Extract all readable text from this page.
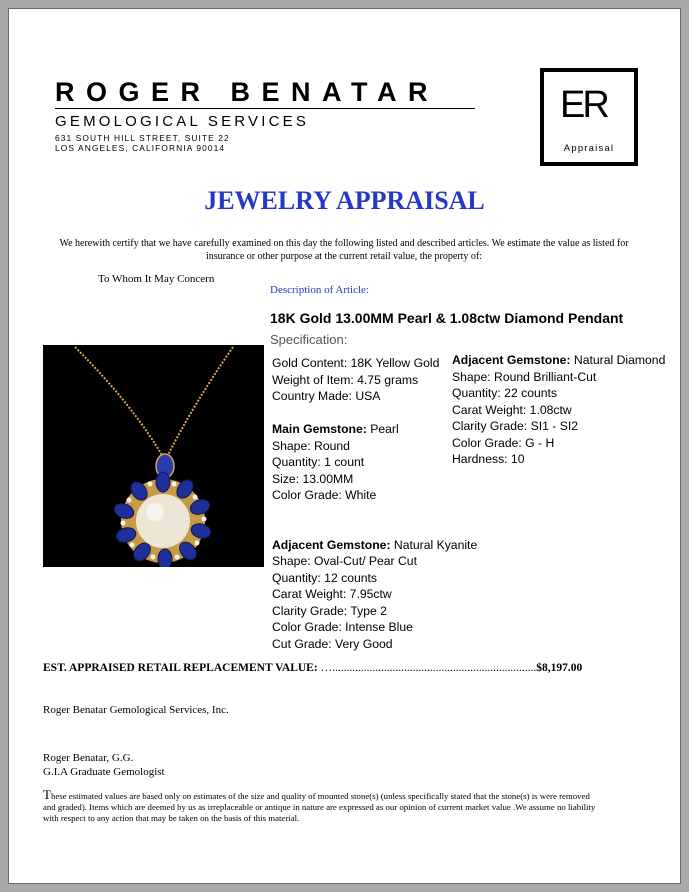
ROGER BENATAR
GEMOLOGICAL SERVICES
631 SOUTH HILL STREET, SUITE 22
LOS ANGELES, CALIFORNIA 90014
ER
Appraisal
JEWELRY APPRAISAL
We herewith certify that we have carefully examined on this day the following listed and described articles. We estimate the value as listed for insurance or other purpose at the current retail value, the property of:
To Whom It May Concern
Description of Article:
18K Gold 13.00MM Pearl & 1.08ctw Diamond Pendant
Specification:
Gold Content: 18K Yellow Gold
Weight of Item: 4.75 grams
Country Made: USA
Main Gemstone: Pearl
Shape: Round
Quantity: 1 count
Size: 13.00MM
Color Grade: White
Adjacent Gemstone: Natural Kyanite
Shape: Oval-Cut/ Pear Cut
Quantity: 12 counts
Carat Weight: 7.95ctw
Clarity Grade: Type 2
Color Grade: Intense Blue
Cut Grade: Very Good
Adjacent Gemstone: Natural Diamond
Shape: Round Brilliant-Cut
Quantity: 22 counts
Carat Weight: 1.08ctw
Clarity Grade: SI1 - SI2
Color Grade: G - H
Hardness: 10
EST. APPRAISED RETAIL REPLACEMENT VALUE: ….......................................................................$8,197.00
Roger Benatar Gemological Services, Inc.
Roger Benatar, G.G.
G.I.A Graduate Gemologist
These estimated values are based only on estimates of the size and quality of mounted stone(s) (unless specifically stated that the stone(s) is were removed and graded). Items which are deemed by us as irreplaceable or antique in nature are expressed as our opinion of current market value .We assume no liability with respect to any action that may be taken on the basis of this material.
